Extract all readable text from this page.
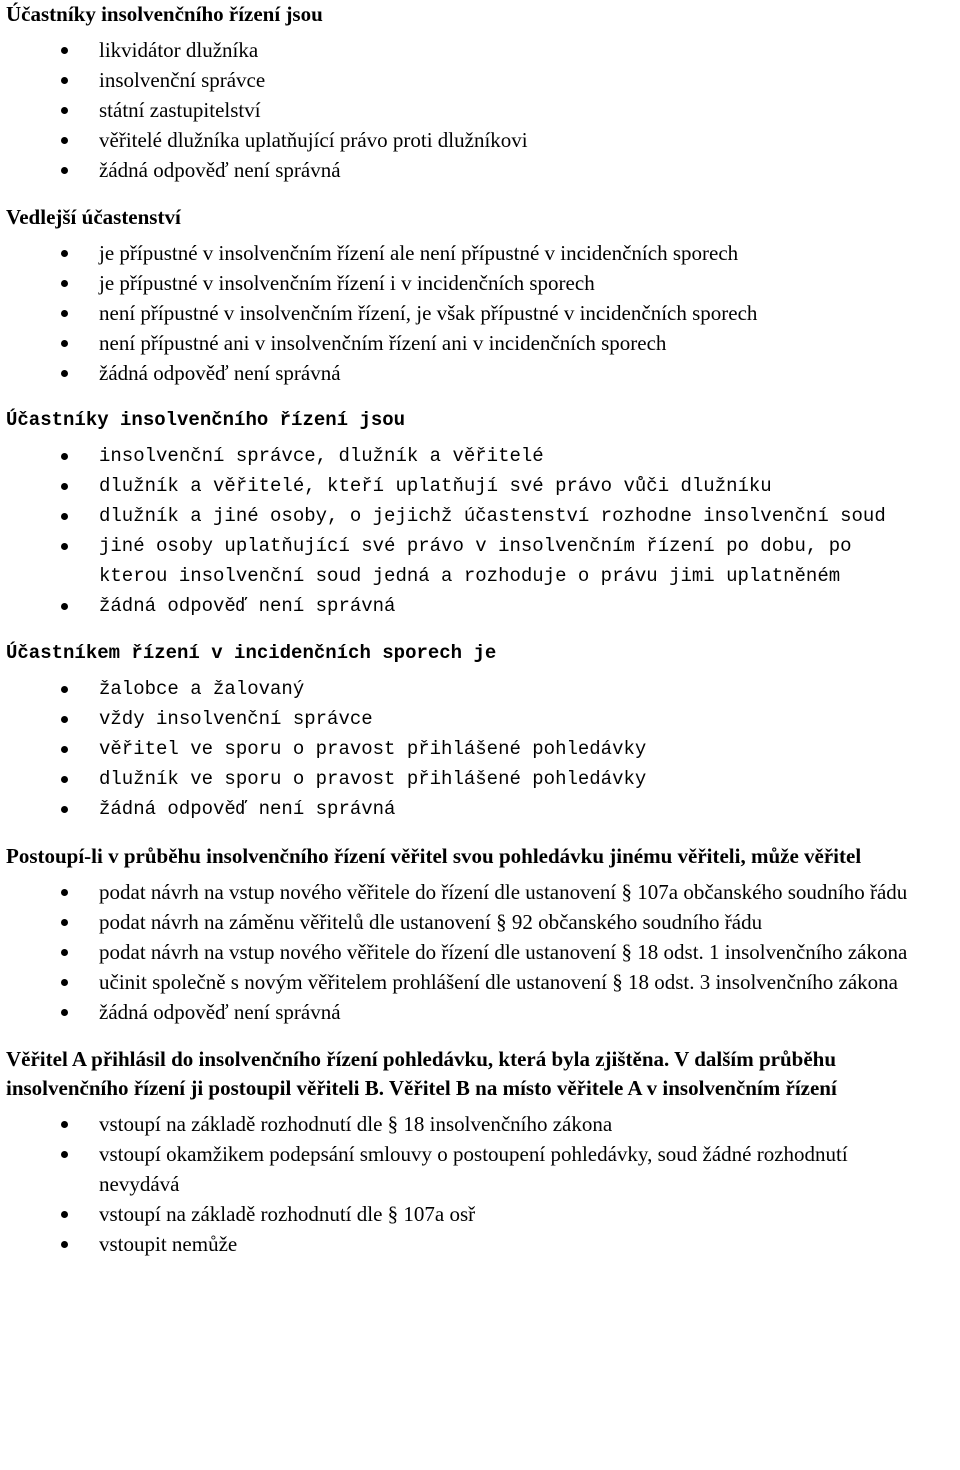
Účastníky insolvenčního řízení jsou
likvidátor dlužníka
insolvenční správce
státní zastupitelství
věřitelé dlužníka uplatňující právo proti dlužníkovi
žádná odpověď není správná
Vedlejší účastenství
je přípustné v insolvenčním řízení ale není přípustné v incidenčních sporech
je přípustné v insolvenčním řízení i v incidenčních sporech
není přípustné v insolvenčním řízení, je však přípustné v incidenčních sporech
není přípustné ani v insolvenčním řízení ani v incidenčních sporech
žádná odpověď není správná
Účastníky insolvenčního řízení jsou
insolvenční správce, dlužník a věřitelé
dlužník a věřitelé, kteří uplatňují své právo vůči dlužníku
dlužník a jiné osoby, o jejichž účastenství rozhodne insolvenční soud
jiné osoby uplatňující své právo v insolvenčním řízení po dobu, po kterou insolvenční soud jedná a rozhoduje o právu jimi uplatněném
žádná odpověď není správná
Účastníkem řízení v incidenčních sporech je
žalobce a žalovaný
vždy insolvenční správce
věřitel ve sporu o pravost přihlášené pohledávky
dlužník ve sporu o pravost přihlášené pohledávky
žádná odpověď není správná
Postoupí-li v průběhu insolvenčního řízení věřitel svou pohledávku jinému věřiteli, může věřitel
podat návrh na vstup nového věřitele do řízení dle ustanovení § 107a občanského soudního řádu
podat návrh na záměnu věřitelů dle ustanovení § 92 občanského soudního řádu
podat návrh na vstup nového věřitele do řízení dle ustanovení § 18 odst. 1 insolvenčního zákona
učinit společně s novým věřitelem prohlášení dle ustanovení § 18 odst. 3 insolvenčního zákona
žádná odpověď není správná
Věřitel A přihlásil do insolvenčního řízení pohledávku, která byla zjištěna. V dalším průběhu insolvenčního řízení ji postoupil věřiteli B. Věřitel B na místo věřitele A v insolvenčním řízení
vstoupí na základě rozhodnutí dle § 18 insolvenčního zákona
vstoupí okamžikem podepsání smlouvy o postoupení pohledávky, soud žádné rozhodnutí nevydává
vstoupí na základě rozhodnutí dle § 107a osř
vstoupit nemůže
